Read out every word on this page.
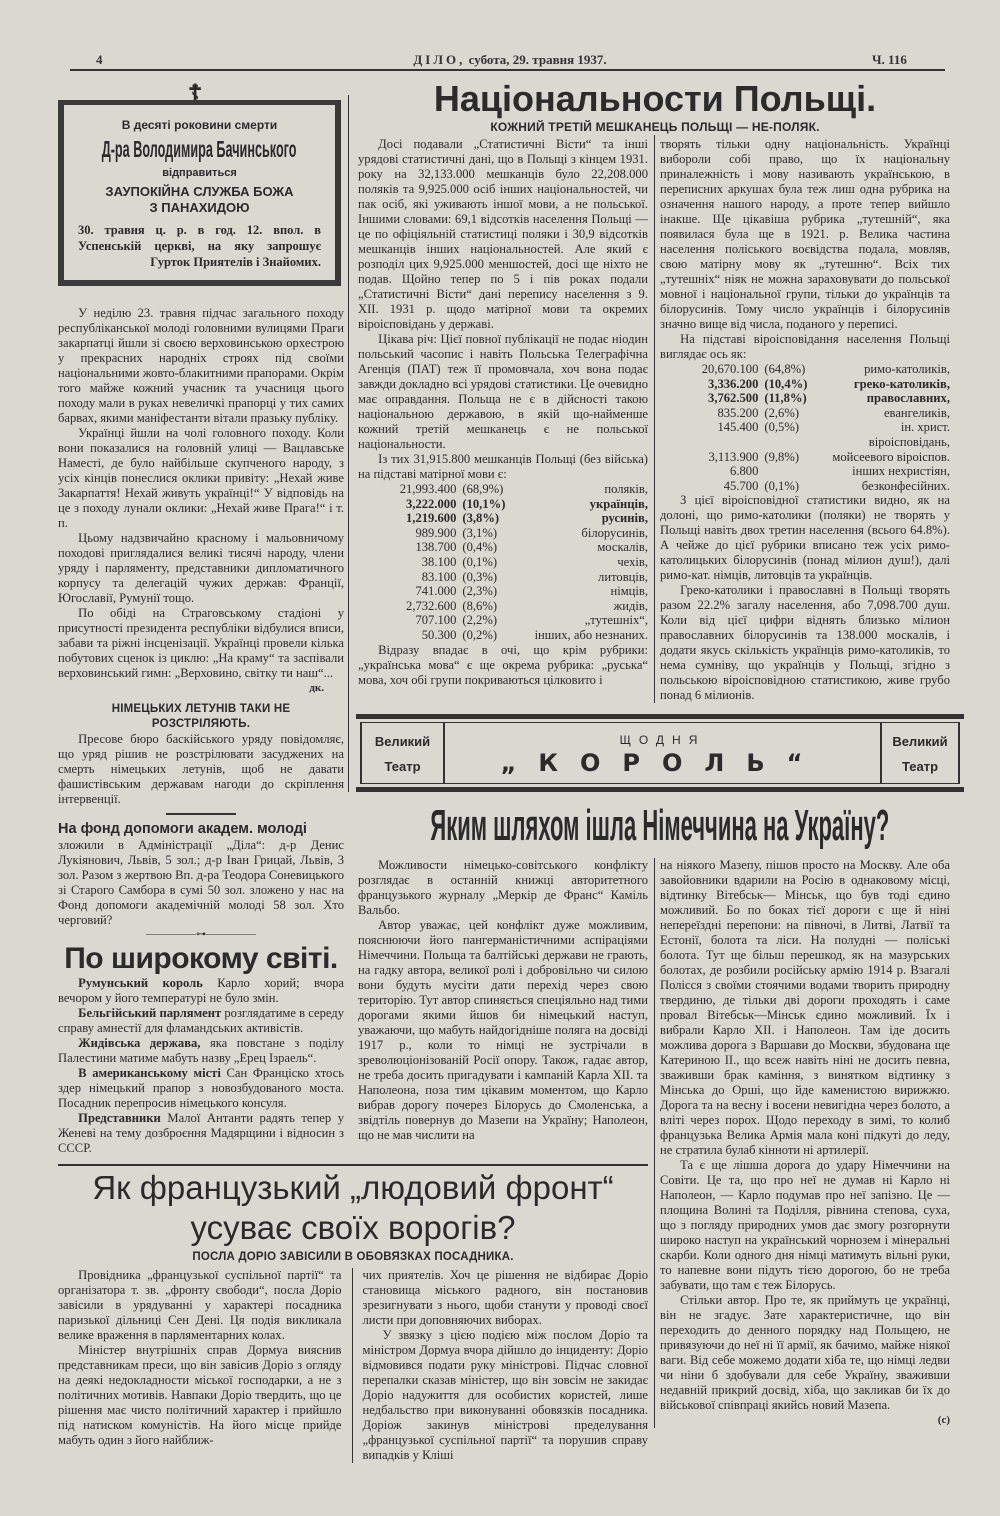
4	ДІЛО, субота, 29. травня 1937.	Ч. 116
☦
В десяті роковини смерти
Д-ра Володимира Бачинського
відправиться
ЗАУПОКІЙНА СЛУЖБА БОЖА
З ПАНАХИДОЮ
30. травня ц. р. в год. 12. впол. в Успенській церкві, на яку запрошує
Гурток Приятелів і Знайомих.

У неділю 23. травня підчас загального походу республіканської молоді головними вулицями Праги закарпатці йшли зі своєю верховинською орхестрою у прекрасних народніх строях під своїми національними жовто-блакитними прапорами. Окрім того майже кожний учасник та учасниця цього походу мали в руках невеличкі прапорці у тих самих барвах, якими маніфестанти вітали празьку публіку.

Українці йшли на чолі головного походу. Коли вони показалися на головній улиці — Вацлавське Наместі, де було найбільше скупченого народу, з усіх кінців понеслися оклики привіту: „Нехай живе Закарпаття! Нехай живуть українці!“ У відповідь на це з походу лунали оклики: „Нехай живе Прага!“ і т. п.

Цьому надзвичайно красному і мальовничому походові приглядалися великі тисячі народу, члени уряду і парляменту, представники дипломатичного корпусу та делегацій чужих держав: Франції, Югославії, Румунії тощо.

По обіді на Страговському стадіоні у присутності президента республіки відбулися вписи, забави та ріжні інсценізації. Українці провели кілька побутових сценок із циклю: „На краму“ та заспівали верховинський гимн: „Верховино, світку ти наш“...

дк.
НІМЕЦЬКИХ ЛЕТУНІВ ТАКИ НЕ РОЗСТРІЛЯЮТЬ.

Пресове бюро баскійського уряду повідомляє, що уряд рішив не розстрілювати засуджених на смерть німецьких летунів, щоб не давати фашистівським державам нагоди до скріплення інтервенції.

На фонд допомоги академ. молоді

зложили в Адміністрації „Діла“: д-р Денис Лукіянович, Львів, 5 зол.; д-р Іван Грицай, Львів, 3 зол. Разом з жертвою Вп. д-ра Теодора Соневицького зі Старого Самбора в сумі 50 зол. зложено у нас на Фонд допомоги академічній молоді 58 зол. Хто черговий?

—————⊶—————
По широкому світі.

Румунський король Карло хорий; вчора вечором у його температурі не було змін.

Бельгійський парлямент розглядатиме в середу справу амнестії для фламандських активістів.

Жидівська держава, яка повстане з поділу Палестини матиме мабуть назву „Ерец Ізраель“.

В американському місті Сан Франціско хтось здер німецький прапор з новозбудованого моста. Посадник перепросив німецького консуля.

Представники Малої Антанти радять тепер у Женеві на тему дозброєння Мадярщини і відносин з СССР.

Національности Польщі.
КОЖНИЙ ТРЕТІЙ МЕШКАНЕЦЬ ПОЛЬЩІ — НЕ-ПОЛЯК.

Досі подавали „Статистичні Вісти“ та інші урядові статистичні дані, що в Польщі з кінцем 1931. року на 32,133.000 мешканців було 22,208.000 поляків та 9,925.000 осіб інших національностей, чи пак осіб, які уживають іншої мови, а не польської. Іншими словами: 69,1 відсотків населення Польщі — це по офіціяльній статистиці поляки і 30,9 відсотків мешканців інших національностей. Але який є розподіл цих 9,925.000 меншостей, досі ще ніхто не подав. Щойно тепер по 5 і пів роках подали „Статистичні Вісти“ дані перепису населення з 9. XII. 1931 р. щодо матірної мови та окремих віроісповідань у державі.

Цікава річ: Цієї повної публікації не подає ніодин польський часопис і навіть Польська Телеграфічна Агенція (ПАТ) теж її промовчала, хоч вона подає завжди докладно всі урядові статистики. Це очевидно має оправдання. Польща не є в дійсності такою національною державою, в якій що-найменше кожний третій мешканець є не польської національности.

Із тих 31,915.800 мешканців Польщі (без війська) на підставі матірної мови є:

21,993.400	(68,9%)	поляків,
3,222.000	(10,1%)	українців,
1,219.600	(3,8%)	русинів,
989.900	(3,1%)	білорусинів,
138.700	(0,4%)	москалів,
38.100	(0,1%)	чехів,
83.100	(0,3%)	литовців,
741.000	(2,3%)	німців,
2,732.600	(8,6%)	жидів,
707.100	(2,2%)	„тутешніх“,
50.300	(0,2%)	інших, або незнаних.

Відразу впадає в очі, що крім рубрики: „українська мова“ є ще окрема рубрика: „руська“ мова, хоч обі групи покриваються цілковито і

творять тільки одну національність. Українці вибороли собі право, що їх національну приналежність і мову називають українською, в переписних аркушах була теж лиш одна рубрика на означення нашого народу, а проте тепер вийшло інакше. Ще цікавіша рубрика „тутешній“, яка появилася була ще в 1921. р. Велика частина населення поліського воєвідства подала, мовляв, свою матірну мову як „тутешню“. Всіх тих „тутешніх“ ніяк не можна зараховувати до польської мовної і національної групи, тільки до українців та білорусинів. Тому число українців і білорусинів значно вище від числа, поданого у переписі.

На підставі віроісповідання населення Польщі виглядає ось як:

20,670.100	(64,8%)	римо-католиків,
3,336.200	(10,4%)	греко-католиків,
3,762.500	(11,8%)	православних,
835.200	(2,6%)	евангеликів,
145.400	(0,5%)	ін. христ. віроісповідань,
3,113.900	(9,8%)	мойсеевого віроіспов.
6.800		інших нехристіян,
45.700	(0,1%)	безконфесійних.

З цієї віроісповідної статистики видно, як на долоні, що римо-католики (поляки) не творять у Польщі навіть двох третин населення (всього 64.8%). А чейже до цієї рубрики вписано теж усіх римо-католицьких білорусинів (понад мілион душ!), далі римо-кат. німців, литовців та українців.

Греко-католики і православні в Польщі творять разом 22.2% загалу населення, або 7,098.700 душ. Коли від цієї цифри віднять близько мілион православних білорусинів та 138.000 москалів, і додати якусь скількість українців римо-католиків, то нема сумніву, що українців у Польщі, згідно з польською віроісповідною статистикою, живе грубо понад 6 мілионів.

Великий
Театр
ЩОДНЯ
„КОРОЛЬ“
Великий
Театр
Яким шляхом ішла Німеччина на Україну?

Можливости німецько-совітського конфлікту розглядає в останній книжці авторитетного французького журналу „Меркір де Франс“ Каміль Вальбо.

Автор уважає, цей конфлікт дуже можливим, пояснюючи його пангерманістичними аспіраціями Німеччини. Польща та балтійські держави не грають, на гадку автора, великої ролі і добровільно чи силою вони будуть мусіти дати перехід через свою територію. Тут автор спиняється спеціяльно над тими дорогами якими йшов би німецький наступ, уважаючи, що мабуть найдогідніше поляга на досвіді 1917 р., коли то німці не зустрічали в зреволюціонізованій Росії опору. Також, гадає автор, не треба досить пригадувати і кампаній Карла XII. та Наполеона, поза тим цікавим моментом, що Карло вибрав дорогу почерез Білорусь до Смоленська, а звідтіль повернув до Мазепи на Україну; Наполеон, що не мав числити на

на ніякого Мазепу, пішов просто на Москву. Але оба завойовники вдарили на Росію в однаковому місці, відтинку Вітебськ— Мінськ, що був тоді єдино можливий. Бо по боках тієї дороги є ще й ніні непереїздні перепони: на півночі, в Литві, Латвії та Естонії, болота та ліси. На полудні — поліські болота. Тут ще більш перешкод, як на мазурських болотах, де розбили російську армію 1914 р. Взагалі Полісся з своїми стоячими водами творить природну твердиню, де тільки дві дороги проходять і саме провал Вітебськ—Мінськ єдино можливий. Їх і вибрали Карло XII. і Наполеон. Там іде досить можлива дорога з Варшави до Москви, збудована ще Катериною II., що всеж навіть ніні не досить певна, зваживши брак каміння, з винятком відтинку з Мінська до Орші, що йде каменистою вирижжю. Дорога та на весну і восени невигідна через болото, а вліті через порох. Щодо переходу в зимі, то колиб французька Велика Армія мала коні підкуті до леду, не стратила булаб кінноти ні артилерії.

Та є ще лішша дорога до удару Німеччини на Совіти. Це та, що про неї не думав ні Карло ні Наполеон, — Карло подумав про неї запізно. Це — площина Волині та Поділля, рівнина степова, суха, що з погляду природних умов дає змогу розгорнути широко наступ на український чорнозем і мінеральні скарби. Коли одного дня німці матимуть вільні руки, то напевне вони підуть тією дорогою, бо не треба забувати, що там є теж Білорусь.

Стільки автор. Про те, як приймуть це українці, він не згадує. Зате характеристичне, що він переходить до денного порядку над Польщею, не привязуючи до неї ні її армії, як бачимо, майже ніякої ваги. Від себе можемо додати хіба те, що німці ледви чи ніни б здобували для себе Україну, зваживши недавній прикрий досвід, хіба, що закликав би їх до військової співпраці якийсь новий Мазепа.

(с)
Як французький „людовий фронт“
усуває своїх ворогів?
ПОСЛА ДОРІО ЗАВІСИЛИ В ОБОВЯЗКАХ ПОСАДНИКА.

Провідника „французької суспільної партії“ та організатора т. зв. „фронту свободи“, посла Доріо завісили в урядуванні у характері посадника паризької дільниці Сен Дені. Ця подія викликала велике враження в парляментарних колах.

Міністер внутрішніх справ Дормуа вияснив представникам преси, що він завісив Доріо з огляду на деякі недокладности міської господарки, а не з політичних мотивів. Навпаки Доріо твердить, що це рішення має чисто політичний характер і прийшло під натиском комуністів. На його місце прийде мабуть один з його найближ-

чих приятелів. Хоч це рішення не відбирає Доріо становища міського радного, він постановив зрезигнувати з нього, щоби станути у проводі своєї листи при доповняючих виборах.

У звязку з цією подією між послом Доріо та міністром Дормуа вчора дійшло до інциденту: Доріо відмовився подати руку міністрові. Підчас словної перепалки сказав міністер, що він зовсім не закидає Доріо надужиття для особистих користей, лише недбальство при виконуванні обовязків посадника. Доріож закинув міністрові пределування „французької суспільної партії“ та порушив справу випадків у Кліші
